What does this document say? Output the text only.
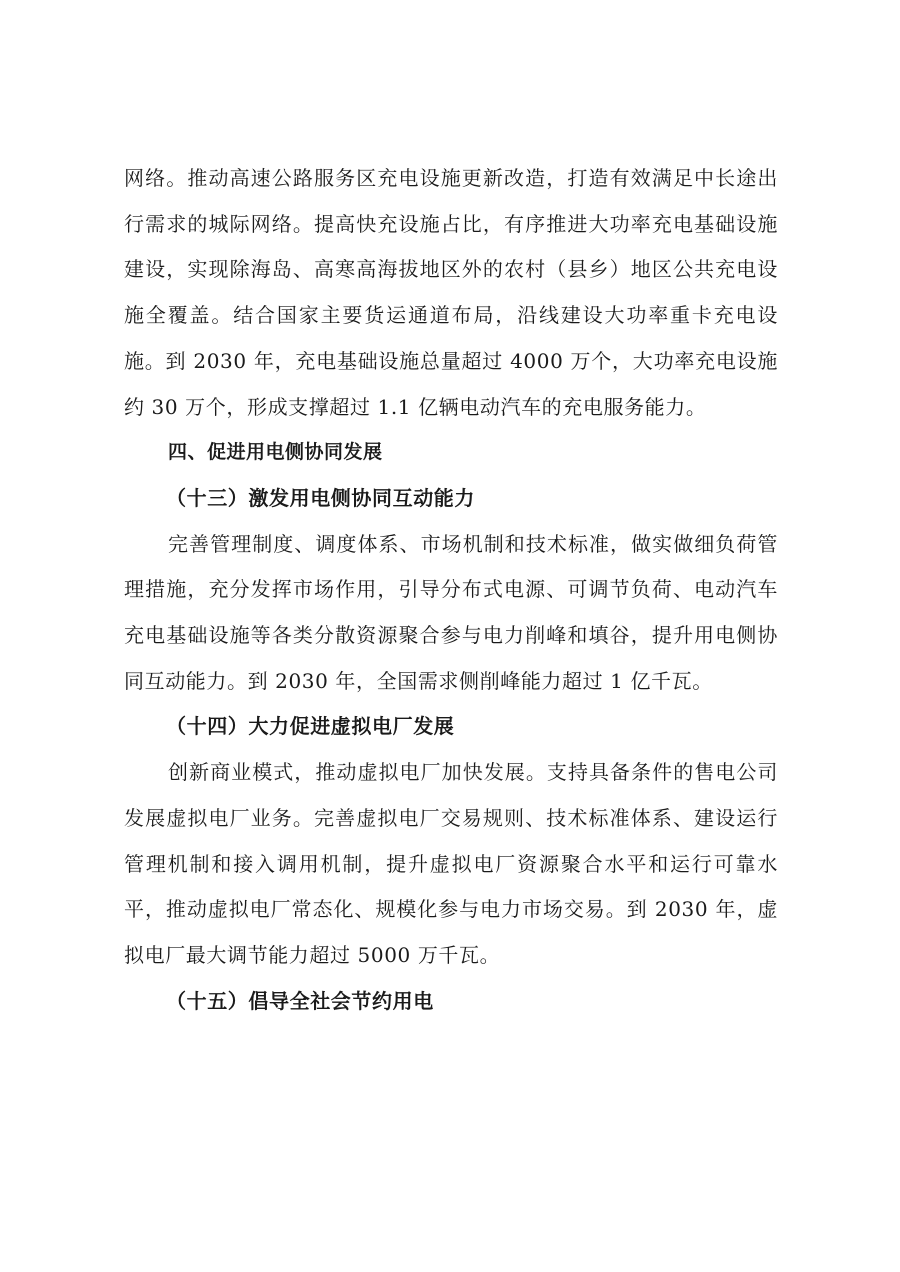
网络。推动高速公路服务区充电设施更新改造，打造有效满足中长途出行需求的城际网络。提高快充设施占比，有序推进大功率充电基础设施建设，实现除海岛、高寒高海拔地区外的农村（县乡）地区公共充电设施全覆盖。结合国家主要货运通道布局，沿线建设大功率重卡充电设施。到 2030 年，充电基础设施总量超过 4000 万个，大功率充电设施约 30 万个，形成支撑超过 1.1 亿辆电动汽车的充电服务能力。

四、促进用电侧协同发展

（十三）激发用电侧协同互动能力

完善管理制度、调度体系、市场机制和技术标准，做实做细负荷管理措施，充分发挥市场作用，引导分布式电源、可调节负荷、电动汽车充电基础设施等各类分散资源聚合参与电力削峰和填谷，提升用电侧协同互动能力。到 2030 年，全国需求侧削峰能力超过 1 亿千瓦。

（十四）大力促进虚拟电厂发展

创新商业模式，推动虚拟电厂加快发展。支持具备条件的售电公司发展虚拟电厂业务。完善虚拟电厂交易规则、技术标准体系、建设运行管理机制和接入调用机制，提升虚拟电厂资源聚合水平和运行可靠水平，推动虚拟电厂常态化、规模化参与电力市场交易。到 2030 年，虚拟电厂最大调节能力超过 5000 万千瓦。

（十五）倡导全社会节约用电
